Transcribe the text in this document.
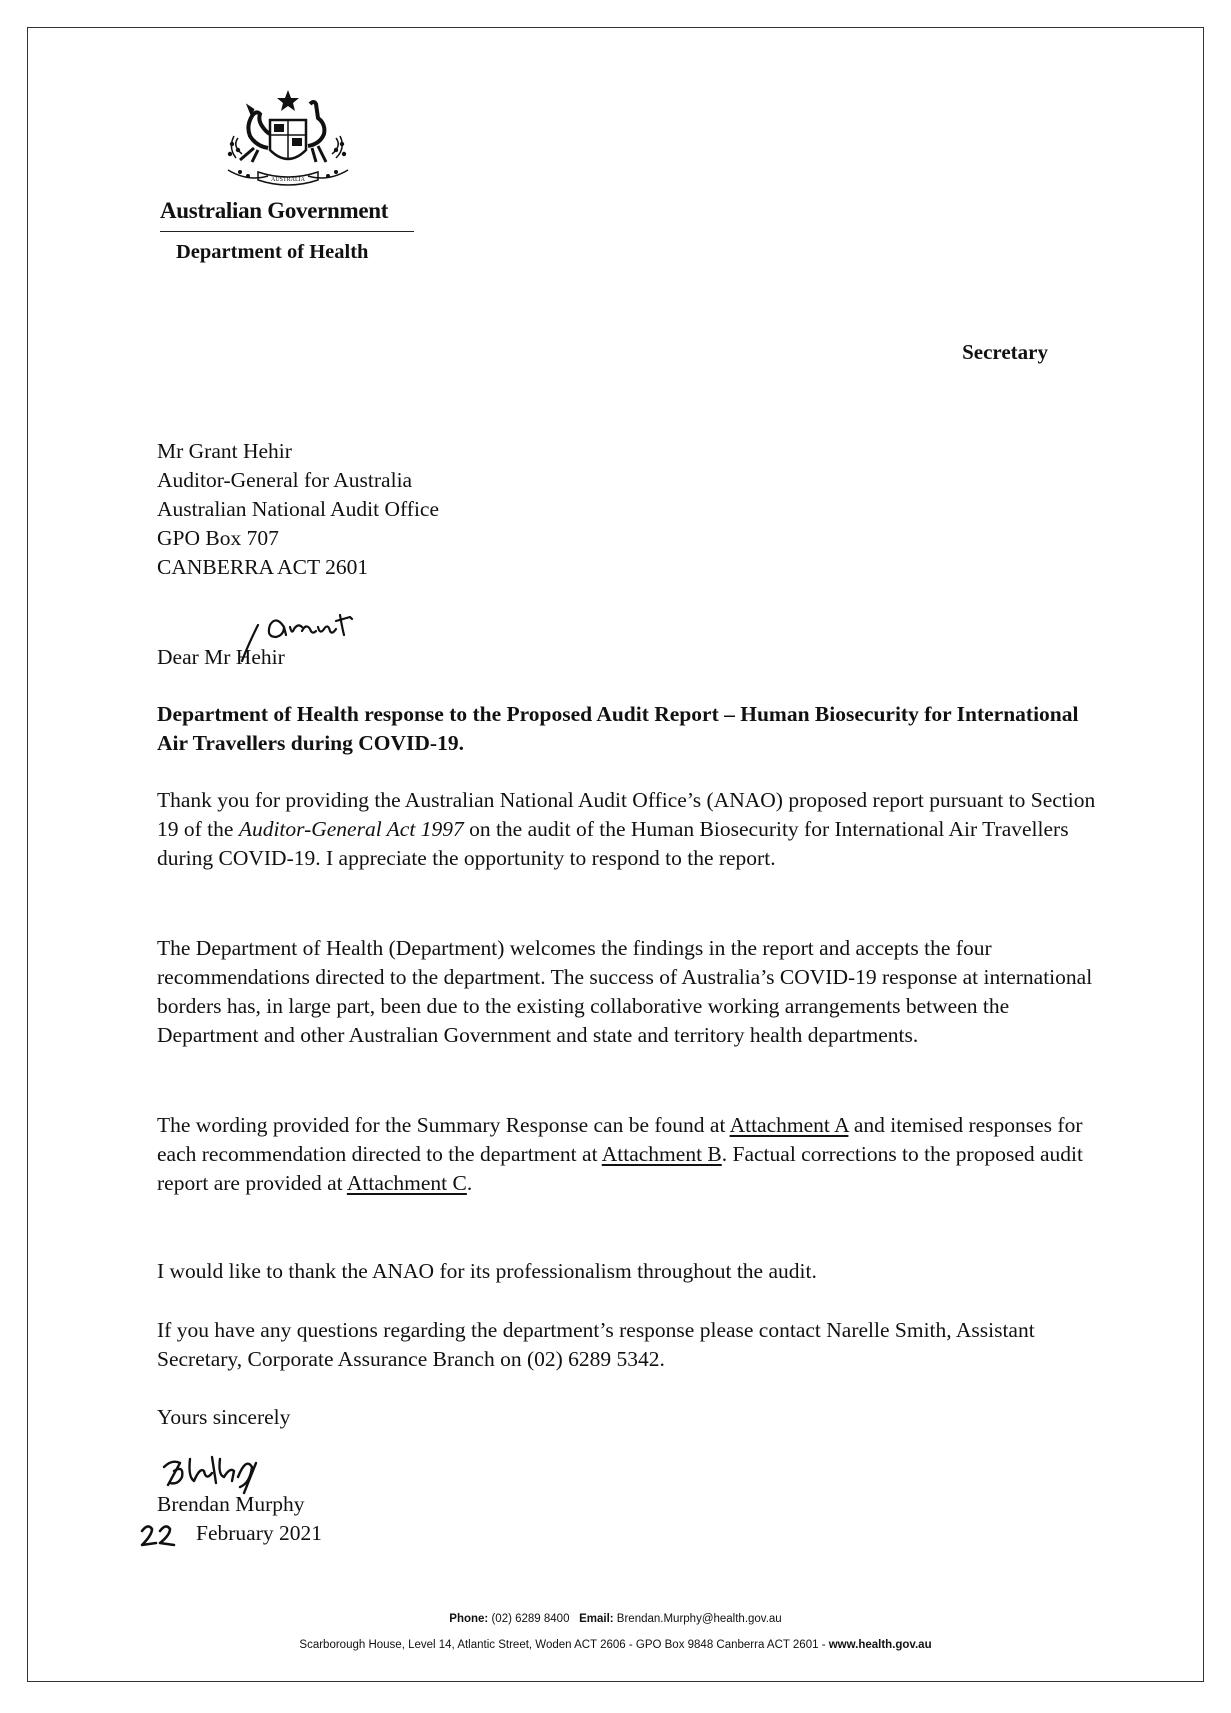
AUSTRALIA
Australian Government
Department of Health
Secretary
Mr Grant Hehir
Auditor-General for Australia
Australian National Audit Office
GPO Box 707
CANBERRA ACT 2601
Dear Mr Hehir
Department of Health response to the Proposed Audit Report – Human Biosecurity for International Air Travellers during COVID-19.
Thank you for providing the Australian National Audit Office’s (ANAO) proposed report pursuant to Section 19 of the Auditor-General Act 1997 on the audit of the Human Biosecurity for International Air Travellers during COVID-19. I appreciate the opportunity to respond to the report.
The Department of Health (Department) welcomes the findings in the report and accepts the four recommendations directed to the department. The success of Australia’s COVID-19 response at international borders has, in large part, been due to the existing collaborative working arrangements between the Department and other Australian Government and state and territory health departments.
The wording provided for the Summary Response can be found at Attachment A and itemised responses for each recommendation directed to the department at Attachment B. Factual corrections to the proposed audit report are provided at Attachment C.
I would like to thank the ANAO for its professionalism throughout the audit.
If you have any questions regarding the department’s response please contact Narelle Smith, Assistant Secretary, Corporate Assurance Branch on (02) 6289 5342.
Yours sincerely
Brendan Murphy
February 2021
Phone: (02) 6289 8400 Email: Brendan.Murphy@health.gov.au
Scarborough House, Level 14, Atlantic Street, Woden ACT 2606 - GPO Box 9848 Canberra ACT 2601 - www.health.gov.au
